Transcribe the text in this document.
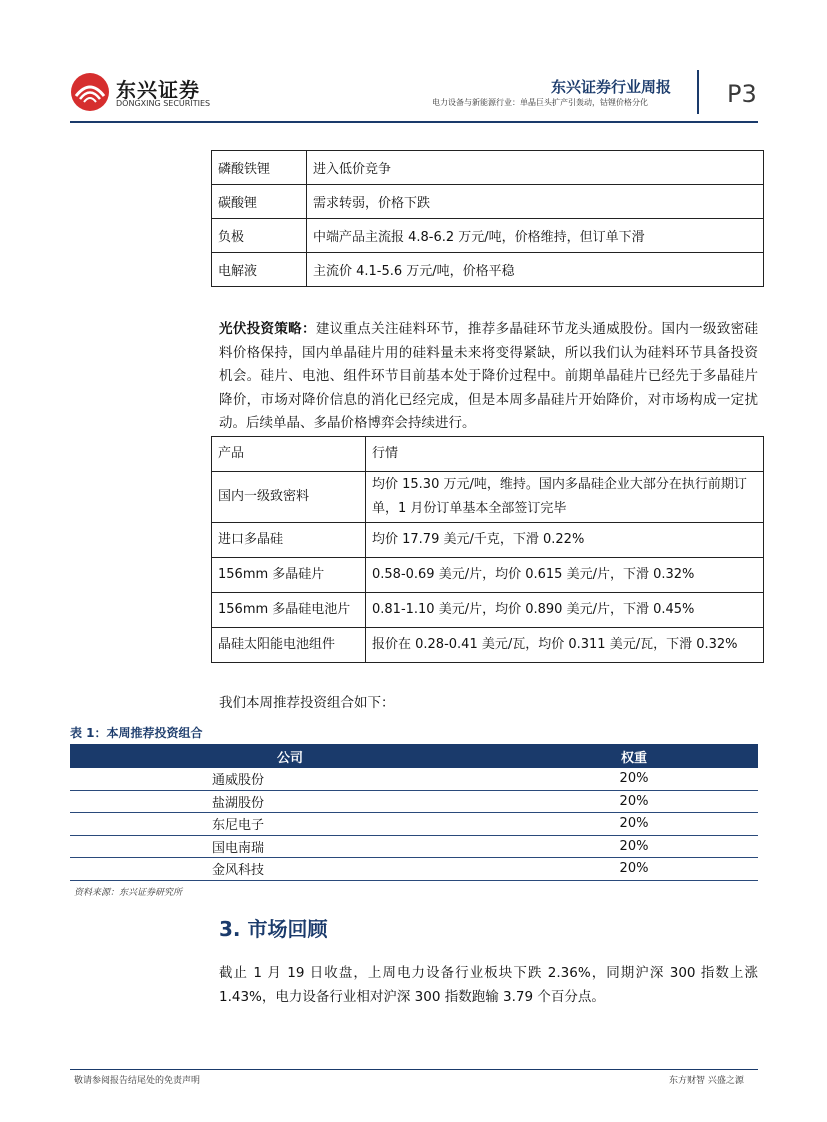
东兴证券
DONGXING SECURITIES
东兴证券行业周报
电力设备与新能源行业：单晶巨头扩产引轰动，钴锂价格分化	P3
磷酸铁锂	进入低价竞争
碳酸锂	需求转弱，价格下跌
负极	中端产品主流报 4.8-6.2 万元/吨，价格维持，但订单下滑
电解液	主流价 4.1-5.6 万元/吨，价格平稳
光伏投资策略：建议重点关注硅料环节，推荐多晶硅环节龙头通威股份。国内一级致密硅料价格保持，国内单晶硅片用的硅料量未来将变得紧缺，所以我们认为硅料环节具备投资机会。硅片、电池、组件环节目前基本处于降价过程中。前期单晶硅片已经先于多晶硅片降价，市场对降价信息的消化已经完成，但是本周多晶硅片开始降价，对市场构成一定扰动。后续单晶、多晶价格博弈会持续进行。
产品	行情
国内一级致密料	均价 15.30 万元/吨，维持。国内多晶硅企业大部分在执行前期订单，1 月份订单基本全部签订完毕
进口多晶硅	均价 17.79 美元/千克，下滑 0.22%
156mm 多晶硅片	0.58-0.69 美元/片，均价 0.615 美元/片，下滑 0.32%
156mm 多晶硅电池片	0.81-1.10 美元/片，均价 0.890 美元/片，下滑 0.45%
晶硅太阳能电池组件	报价在 0.28-0.41 美元/瓦，均价 0.311 美元/瓦，下滑 0.32%
我们本周推荐投资组合如下：
表 1：本周推荐投资组合
公司	权重
通威股份	20%
盐湖股份	20%
东尼电子	20%
国电南瑞	20%
金风科技	20%
资料来源：东兴证券研究所
3. 市场回顾
截止 1 月 19 日收盘，上周电力设备行业板块下跌 2.36%，同期沪深 300 指数上涨 1.43%，电力设备行业相对沪深 300 指数跑输 3.79 个百分点。
敬请参阅报告结尾处的免责声明	东方财智 兴盛之源
